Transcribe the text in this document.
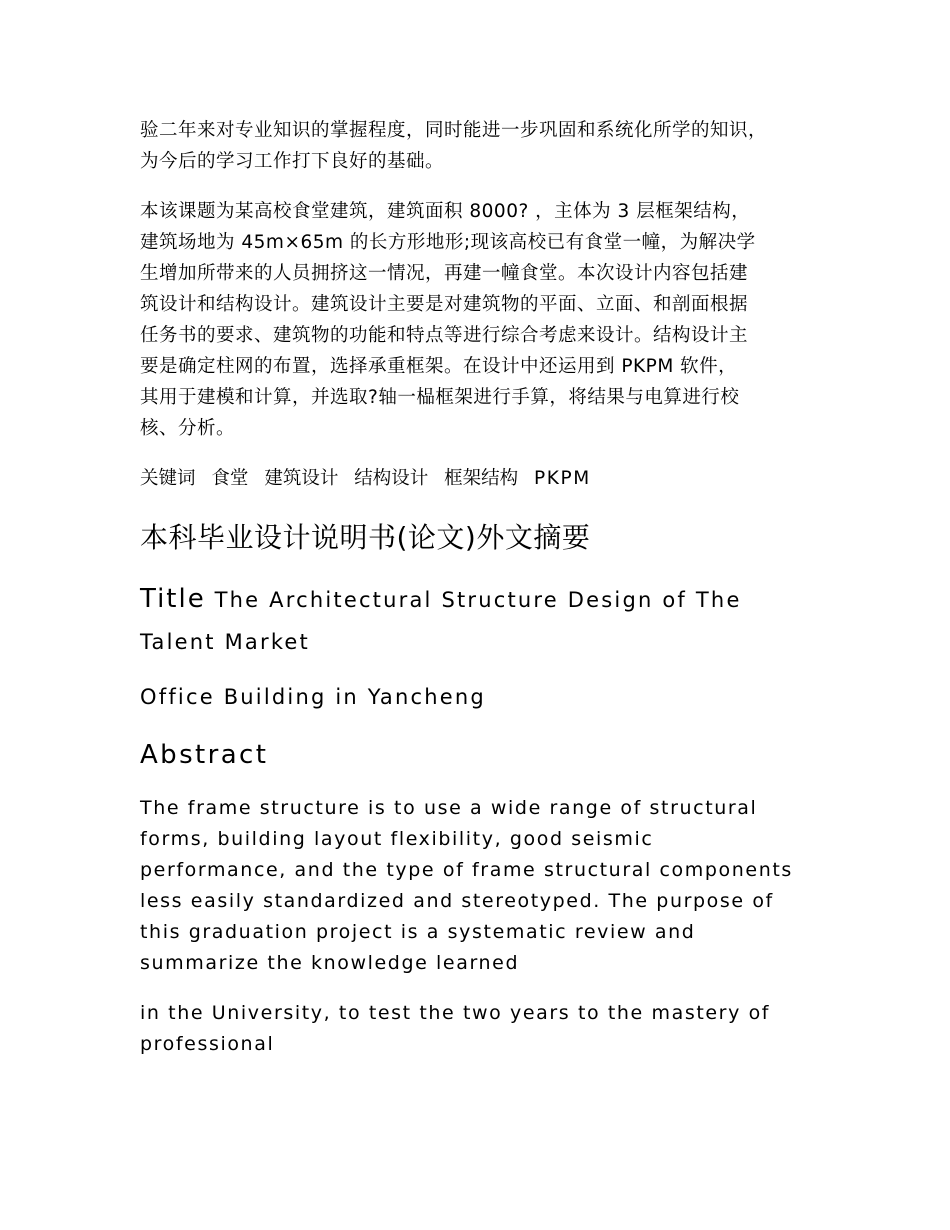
验二年来对专业知识的掌握程度，同时能进一步巩固和系统化所学的知识，
为今后的学习工作打下良好的基础。

本该课题为某高校食堂建筑，建筑面积 8000? ，主体为 3 层框架结构，
建筑场地为 45m×65m 的长方形地形;现该高校已有食堂一幢，为解决学
生增加所带来的人员拥挤这一情况，再建一幢食堂。本次设计内容包括建
筑设计和结构设计。建筑设计主要是对建筑物的平面、立面、和剖面根据
任务书的要求、建筑物的功能和特点等进行综合考虑来设计。结构设计主
要是确定柱网的布置，选择承重框架。在设计中还运用到 PKPM 软件，
其用于建模和计算，并选取?轴一榀框架进行手算，将结果与电算进行校
核、分析。

关键词 食堂 建筑设计 结构设计 框架结构 PKPM

本科毕业设计说明书(论文)外文摘要

Title The Architectural Structure Design of The

Talent Market

Office Building in Yancheng

Abstract

The frame structure is to use a wide range of structural
forms, building layout flexibility, good seismic
performance, and the type of frame structural components
less easily standardized and stereotyped. The purpose of
this graduation project is a systematic review and
summarize the knowledge learned

in the University, to test the two years to the mastery of
professional
